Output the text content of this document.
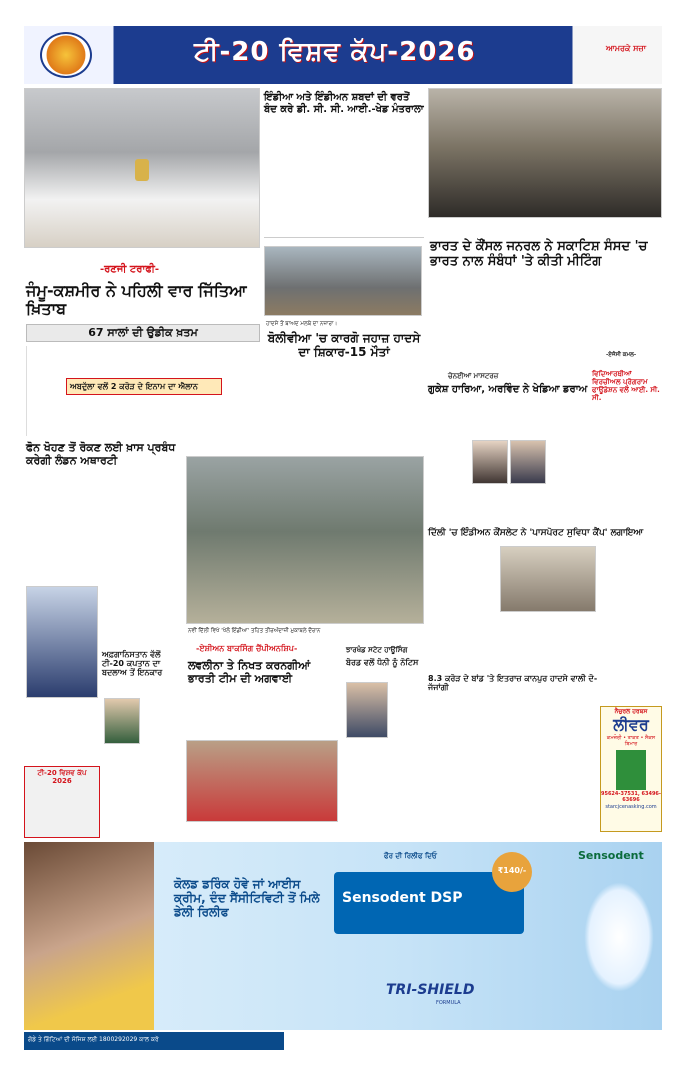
ਟੀ-20 ਵਿਸ਼ਵ ਕੱਪ-2026	ਆਮਰਕੇ ਸਜ਼ਾ
ਇੰਡੀਆ ਅਤੇ ਇੰਡੀਅਨ ਸ਼ਬਦਾਂ ਦੀ ਵਰਤੋਂ ਬੰਦ ਕਰੇ ਡੀ. ਸੀ. ਸੀ. ਆਈ.-ਖੇਡ ਮੰਤਰਾਲਾ
-ਰਣਜੀ ਟਰਾਫੀ-
ਜੰਮੂ-ਕਸ਼ਮੀਰ ਨੇ ਪਹਿਲੀ ਵਾਰ ਜਿੱਤਿਆ ਖ਼ਿਤਾਬ
67 ਸਾਲਾਂ ਦੀ ਉਡੀਕ ਖ਼ਤਮ
ਅਬਦੁੱਲਾ ਵਲੋਂ 2 ਕਰੋੜ ਦੇ ਇਨਾਮ ਦਾ ਐਲਾਨ
ਹਾਦਸੇ ਤੋਂ ਬਾਅਦ ਮਲਬੇ ਦਾ ਨਜ਼ਾਰਾ।
ਬੋਲੀਵੀਆ 'ਚ ਕਾਰਗੋ ਜਹਾਜ਼ ਹਾਦਸੇ ਦਾ ਸ਼ਿਕਾਰ-15 ਮੌਤਾਂ
ਭਾਰਤ ਦੇ ਕੌਂਸਲ ਜਨਰਲ ਨੇ ਸਕਾਟਿਸ਼ ਸੰਸਦ 'ਚ ਭਾਰਤ ਨਾਲ ਸੰਬੰਧਾਂ 'ਤੇ ਕੀਤੀ ਮੀਟਿੰਗ
-ਏਜੰਸੀ ਕਮਲ-
ਚੇਨਈਆਂ ਮਾਸਟਰਜ਼
ਗੁਕੇਸ਼ ਹਾਰਿਆ, ਅਰਵਿੰਦ ਨੇ ਖੇਡਿਆ ਡਰਾਅ
ਵਿਦਿਆਰਥੀਆਂ ਵਿਰਚੀਅਲ ਪ੍ਰੋਗਰਾਮ ਫਾਊਂਡੇਸ਼ਨ ਵਲੋਂ ਆਈ. ਸੀ. ਸੀ.
ਫੋਨ ਖੋਹਣ ਤੋਂ ਰੋਕਣ ਲਈ ਖ਼ਾਸ ਪ੍ਰਬੰਧ ਕਰੇਗੀ ਲੰਡਨ ਅਥਾਰਟੀ
ਨਵੀਂ ਦਿੱਲੀ ਵਿਖੇ 'ਖੇਲੋ ਇੰਡੀਆ' ਤਹਿਤ ਤੀਰਅੰਦਾਜ਼ੀ ਮੁਕਾਬਲੇ ਦੌਰਾਨ
ਦਿੱਲੀ 'ਚ ਇੰਡੀਅਨ ਕੌਂਸਲੇਟ ਨੇ 'ਪਾਸਪੋਰਟ ਸੁਵਿਧਾ ਕੈਂਪ' ਲਗਾਇਆ
ਅਫ਼ਗਾਨਿਸਤਾਨ ਵੱਲੋਂ ਟੀ-20 ਕਪਤਾਨ ਦਾ ਬਦਲਾਅ ਤੋਂ ਇਨਕਾਰ
-ਏਸ਼ੀਅਨ ਬਾਕਸਿੰਗ ਚੈਂਪੀਅਨਸ਼ਿਪ-
ਲਵਲੀਨਾ ਤੇ ਨਿਖਤ ਕਰਨਗੀਆਂ ਭਾਰਤੀ ਟੀਮ ਦੀ ਅਗਵਾਈ
ਝਾਰਖੰਡ ਸਟੇਟ ਹਾਊਸਿੰਗ
ਬੋਰਡ ਵਲੋਂ ਧੋਨੀ ਨੂੰ ਨੋਟਿਸ
8.3 ਕਰੋੜ ਦੇ ਬਾਂਡ 'ਤੇ ਇਤਰਾਜ਼ ਕਾਨਪੁਰ ਹਾਦਸੇ ਵਾਲੀ ਦੋ-ਜੱਜਾਂਗੀ
ਟੀ-20 ਵਿਸ਼ਵ ਕੱਪ 2026
ਨੈਚੁਰਲ ਹਰਬਸ
ਲੀਵਰ
ਕਮਜ਼ੋਰੀ • ਤਾਕਤ • ਸੈਕਸ ਬਿਮਾਰ
95624-37531, 63496-63696
starcjcenasking.com
ਕੋਲਡ ਡਰਿੰਕ ਹੋਵੇ ਜਾਂ ਆਈਸ ਕ੍ਰੀਮ, ਦੰਦ ਸੈਂਸੀਟਿਵਿਟੀ ਤੋਂ ਮਿਲੇ ਡੇਲੀ ਰਿਲੀਫ
Sensodent DSP
ਫੌਰ ਦੀ ਰਿਲੀਫ ਦਿਓ
₹140/-
Sensodent
TRI-SHIELD
FORMULA
ਗੋਡੇ ਤੇ ਗਿੱਟਿਆਂ ਦੀ ਸੋਜਿਸ਼ ਲਈ 1800292029 ਕਾਲ ਕਰੋ
